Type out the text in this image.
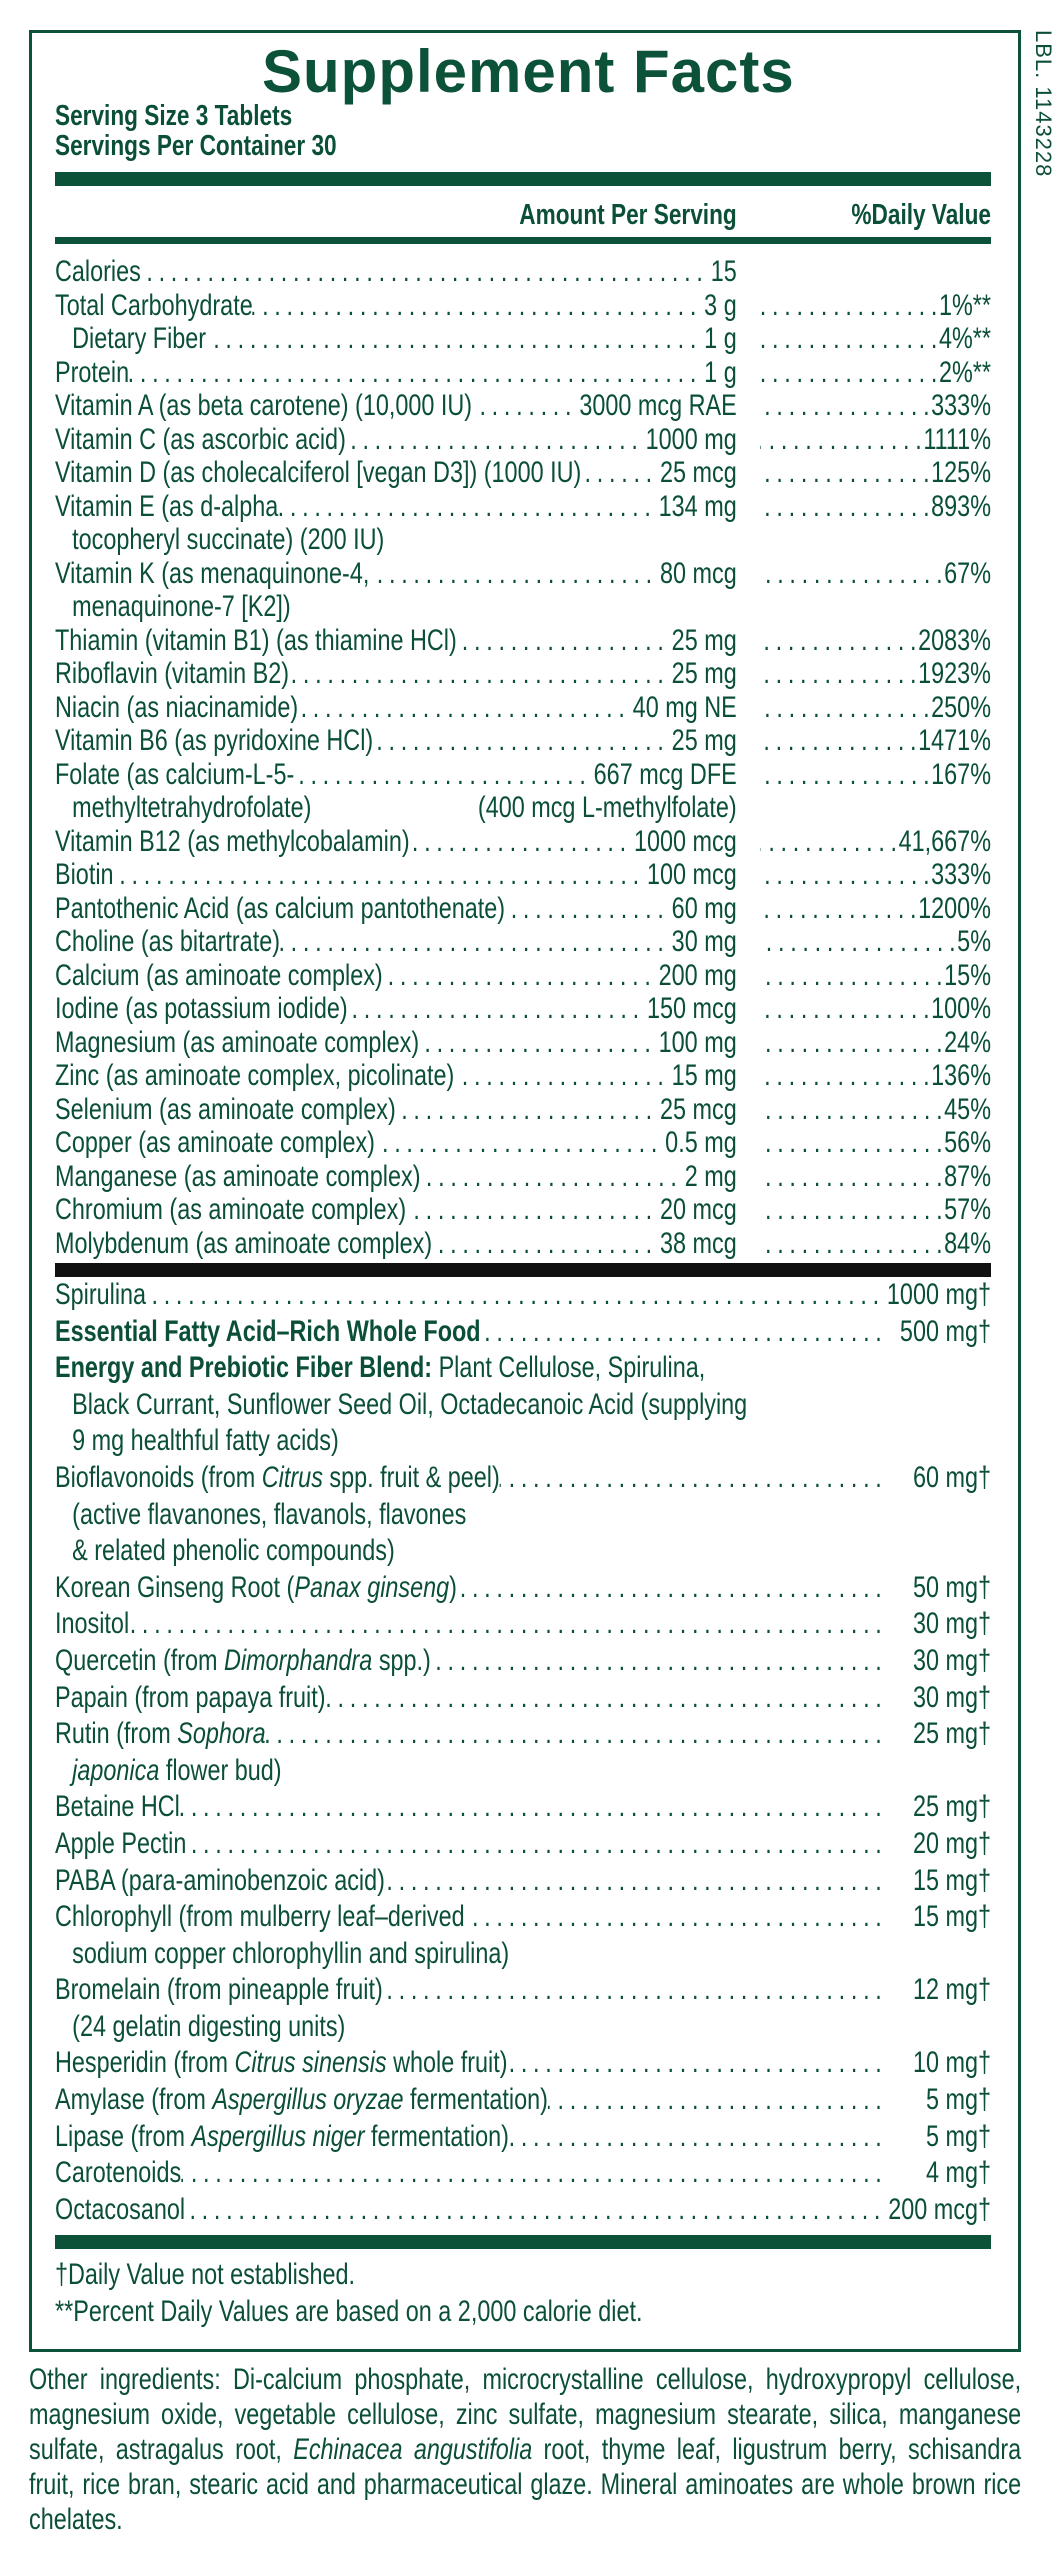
LBL. 1143228
Supplement Facts
Serving Size 3 Tablets
Servings Per Container 30
Amount Per Serving	%Daily Value
Calories . . .	15
Total Carbohydrate . . .	3 g . . .	1%**
Dietary Fiber . . .	1 g . . .	4%**
Protein . . .	1 g . . .	2%**
Vitamin A (as beta carotene) (10,000 IU) . . .	3000 mcg RAE . . .	333%
Vitamin C (as ascorbic acid) . . .	1000 mg . . .	1111%
Vitamin D (as cholecalciferol [vegan D3]) (1000 IU) . . .	25 mcg . . .	125%
Vitamin E (as d-alpha . . .	134 mg . . .	893%
tocopheryl succinate) (200 IU)
Vitamin K (as menaquinone-4, . . .	80 mcg . . .	67%
menaquinone-7 [K2])
Thiamin (vitamin B1) (as thiamine HCl) . . .	25 mg . . .	2083%
Riboflavin (vitamin B2) . . .	25 mg . . .	1923%
Niacin (as niacinamide) . . .	40 mg NE . . .	250%
Vitamin B6 (as pyridoxine HCl) . . .	25 mg . . .	1471%
Folate (as calcium-L-5- . . .	667 mcg DFE . . .	167%
methyltetrahydrofolate)	(400 mcg L-methylfolate)
Vitamin B12 (as methylcobalamin) . . .	1000 mcg . . .	41,667%
Biotin . . .	100 mcg . . .	333%
Pantothenic Acid (as calcium pantothenate) . . .	60 mg . . .	1200%
Choline (as bitartrate) . . .	30 mg . . .	5%
Calcium (as aminoate complex) . . .	200 mg . . .	15%
Iodine (as potassium iodide) . . .	150 mcg . . .	100%
Magnesium (as aminoate complex) . . .	100 mg . . .	24%
Zinc (as aminoate complex, picolinate) . . .	15 mg . . .	136%
Selenium (as aminoate complex) . . .	25 mcg . . .	45%
Copper (as aminoate complex) . . .	0.5 mg . . .	56%
Manganese (as aminoate complex) . . .	2 mg . . .	87%
Chromium (as aminoate complex) . . .	20 mcg . . .	57%
Molybdenum (as aminoate complex) . . .	38 mcg . . .	84%
Spirulina . . .	1000 mg†
Essential Fatty Acid–Rich Whole Food . . .	500 mg†
Energy and Prebiotic Fiber Blend: Plant Cellulose, Spirulina,
Black Currant, Sunflower Seed Oil, Octadecanoic Acid (supplying
9 mg healthful fatty acids)
Bioflavonoids (from Citrus spp. fruit & peel) . . .	60 mg†
(active flavanones, flavanols, flavones
& related phenolic compounds)
Korean Ginseng Root (Panax ginseng) . . .	50 mg†
Inositol . . .	30 mg†
Quercetin (from Dimorphandra spp.) . . .	30 mg†
Papain (from papaya fruit) . . .	30 mg†
Rutin (from Sophora . . .	25 mg†
japonica flower bud)
Betaine HCl . . .	25 mg†
Apple Pectin . . .	20 mg†
PABA (para-aminobenzoic acid) . . .	15 mg†
Chlorophyll (from mulberry leaf–derived . . .	15 mg†
sodium copper chlorophyllin and spirulina)
Bromelain (from pineapple fruit) . . .	12 mg†
(24 gelatin digesting units)
Hesperidin (from Citrus sinensis whole fruit) . . .	10 mg†
Amylase (from Aspergillus oryzae fermentation) . . .	5 mg†
Lipase (from Aspergillus niger fermentation) . . .	5 mg†
Carotenoids . . .	4 mg†
Octacosanol . . .	200 mcg†
†Daily Value not established.
**Percent Daily Values are based on a 2,000 calorie diet.
Other ingredients: Di-calcium phosphate, microcrystalline cellulose, hydroxypropyl cellulose, magnesium oxide, vegetable cellulose, zinc sulfate, magnesium stearate, silica, manganese sulfate, astragalus root, Echinacea angustifolia root, thyme leaf, ligustrum berry, schisandra fruit, rice bran, stearic acid and pharmaceutical glaze. Mineral aminoates are whole brown rice chelates.
